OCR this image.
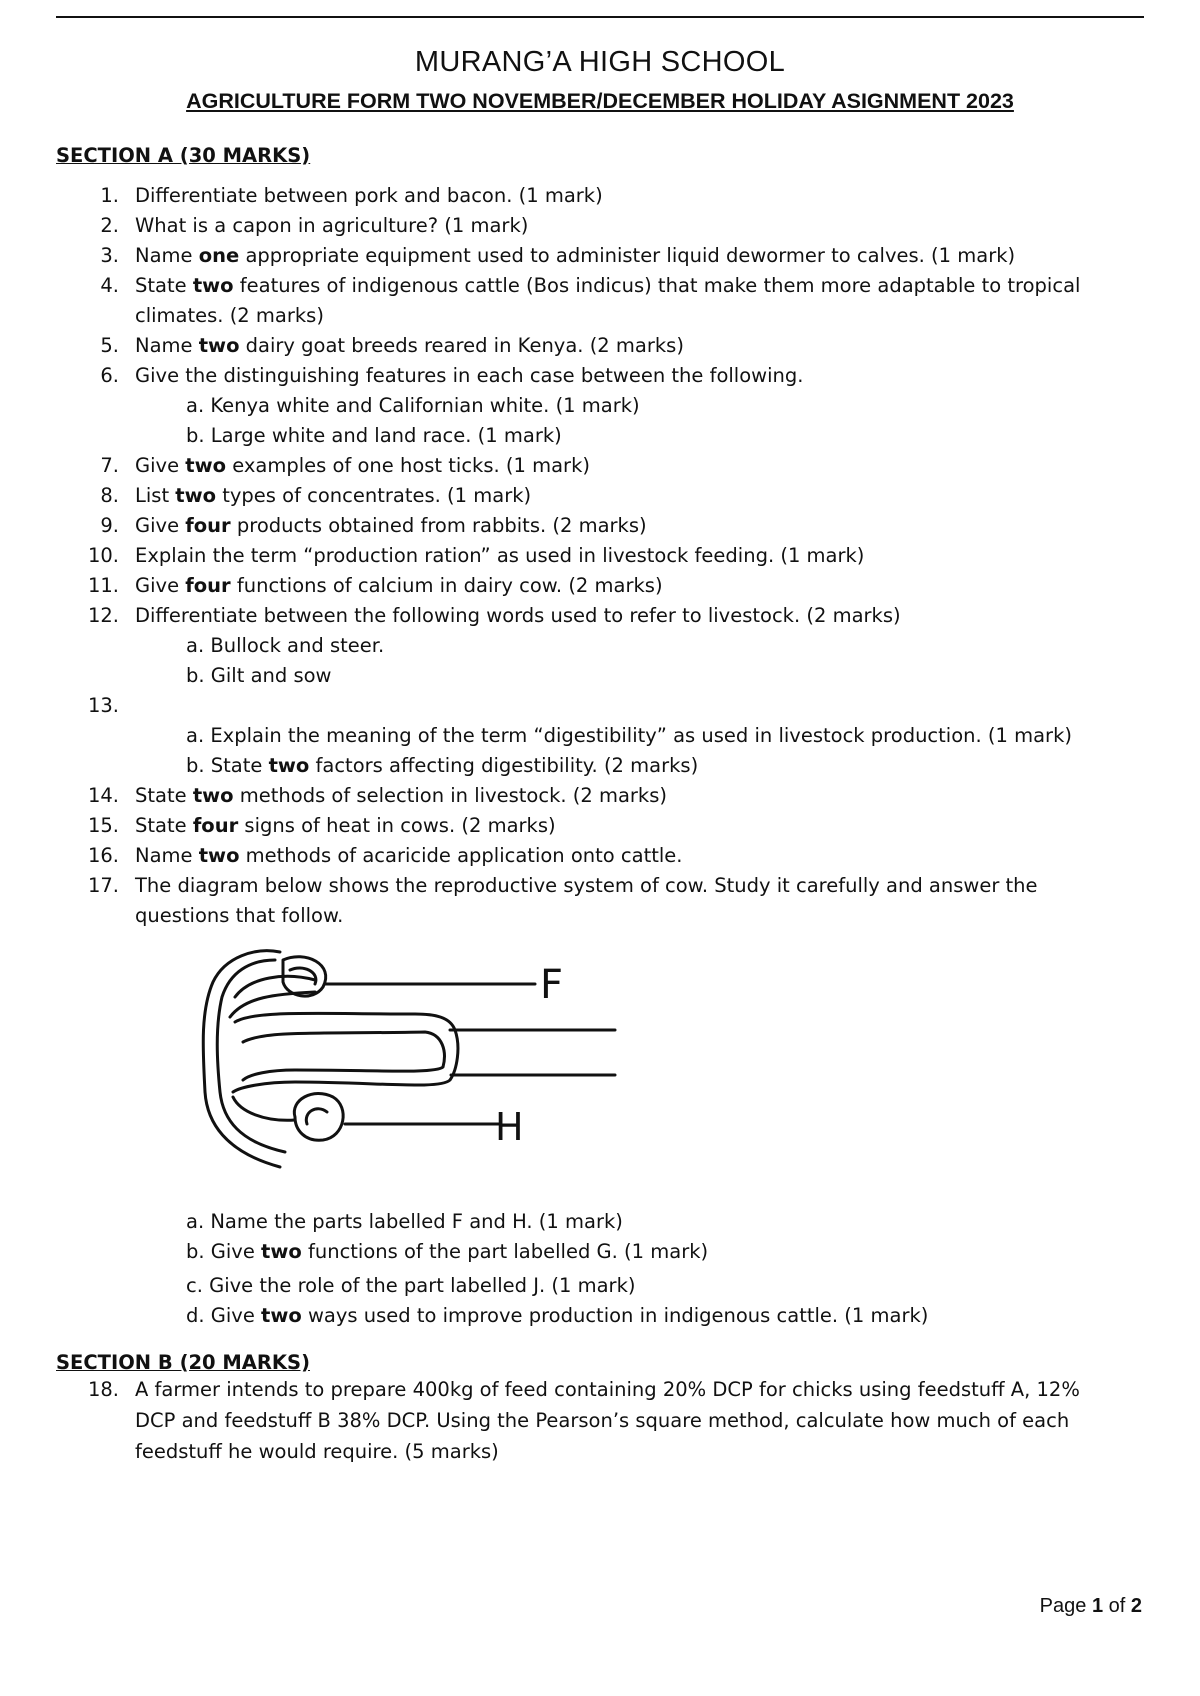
MURANG’A HIGH SCHOOL
AGRICULTURE FORM TWO NOVEMBER/DECEMBER HOLIDAY ASIGNMENT 2023
SECTION A (30 MARKS)
1. Differentiate between pork and bacon. (1 mark)
2. What is a capon in agriculture? (1 mark)
3. Name one appropriate equipment used to administer liquid dewormer to calves. (1 mark)
4. State two features of indigenous cattle (Bos indicus) that make them more adaptable to tropical
climates. (2 marks)
5. Name two dairy goat breeds reared in Kenya. (2 marks)
6. Give the distinguishing features in each case between the following.
a. Kenya white and Californian white. (1 mark)
b. Large white and land race. (1 mark)
7. Give two examples of one host ticks. (1 mark)
8. List two types of concentrates. (1 mark)
9. Give four products obtained from rabbits. (2 marks)
10. Explain the term “production ration” as used in livestock feeding. (1 mark)
11. Give four functions of calcium in dairy cow. (2 marks)
12. Differentiate between the following words used to refer to livestock. (2 marks)
a. Bullock and steer.
b. Gilt and sow
13.
a. Explain the meaning of the term “digestibility” as used in livestock production. (1 mark)
b. State two factors affecting digestibility. (2 marks)
14. State two methods of selection in livestock. (2 marks)
15. State four signs of heat in cows. (2 marks)
16. Name two methods of acaricide application onto cattle.
17. The diagram below shows the reproductive system of cow. Study it carefully and answer the
questions that follow.
F
H
a. Name the parts labelled F and H. (1 mark)
b. Give two functions of the part labelled G. (1 mark)
c. Give the role of the part labelled J. (1 mark)
d. Give two ways used to improve production in indigenous cattle. (1 mark)
SECTION B (20 MARKS)
18. A farmer intends to prepare 400kg of feed containing 20% DCP for chicks using feedstuff A, 12%
DCP and feedstuff B 38% DCP. Using the Pearson’s square method, calculate how much of each
feedstuff he would require. (5 marks)
Page 1 of 2
